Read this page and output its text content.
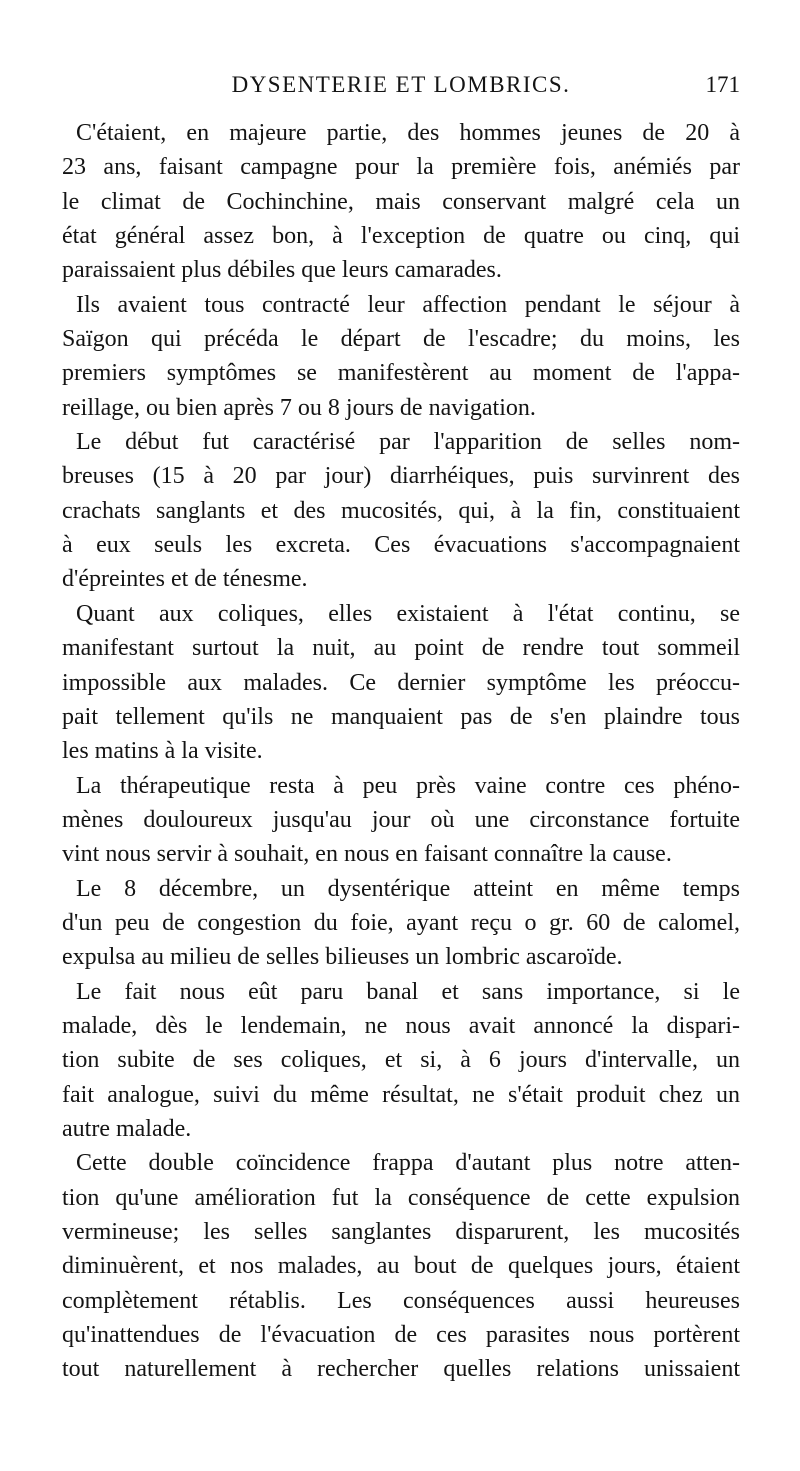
DYSENTERIE ET LOMBRICS.	171
C'étaient, en majeure partie, des hommes jeunes de 20 à
23 ans, faisant campagne pour la première fois, anémiés par
le climat de Cochinchine, mais conservant malgré cela un
état général assez bon, à l'exception de quatre ou cinq, qui
paraissaient plus débiles que leurs camarades.
Ils avaient tous contracté leur affection pendant le séjour à
Saïgon qui précéda le départ de l'escadre; du moins, les
premiers symptômes se manifestèrent au moment de l'appa-
reillage, ou bien après 7 ou 8 jours de navigation.
Le début fut caractérisé par l'apparition de selles nom-
breuses (15 à 20 par jour) diarrhéiques, puis survinrent des
crachats sanglants et des mucosités, qui, à la fin, constituaient
à eux seuls les excreta. Ces évacuations s'accompagnaient
d'épreintes et de ténesme.
Quant aux coliques, elles existaient à l'état continu, se
manifestant surtout la nuit, au point de rendre tout sommeil
impossible aux malades. Ce dernier symptôme les préoccu-
pait tellement qu'ils ne manquaient pas de s'en plaindre tous
les matins à la visite.
La thérapeutique resta à peu près vaine contre ces phéno-
mènes douloureux jusqu'au jour où une circonstance fortuite
vint nous servir à souhait, en nous en faisant connaître la cause.
Le 8 décembre, un dysentérique atteint en même temps
d'un peu de congestion du foie, ayant reçu o gr. 60 de calomel,
expulsa au milieu de selles bilieuses un lombric ascaroïde.
Le fait nous eût paru banal et sans importance, si le
malade, dès le lendemain, ne nous avait annoncé la dispari-
tion subite de ses coliques, et si, à 6 jours d'intervalle, un
fait analogue, suivi du même résultat, ne s'était produit chez un
autre malade.
Cette double coïncidence frappa d'autant plus notre atten-
tion qu'une amélioration fut la conséquence de cette expulsion
vermineuse; les selles sanglantes disparurent, les mucosités
diminuèrent, et nos malades, au bout de quelques jours, étaient
complètement rétablis. Les conséquences aussi heureuses
qu'inattendues de l'évacuation de ces parasites nous portèrent
tout naturellement à rechercher quelles relations unissaient
